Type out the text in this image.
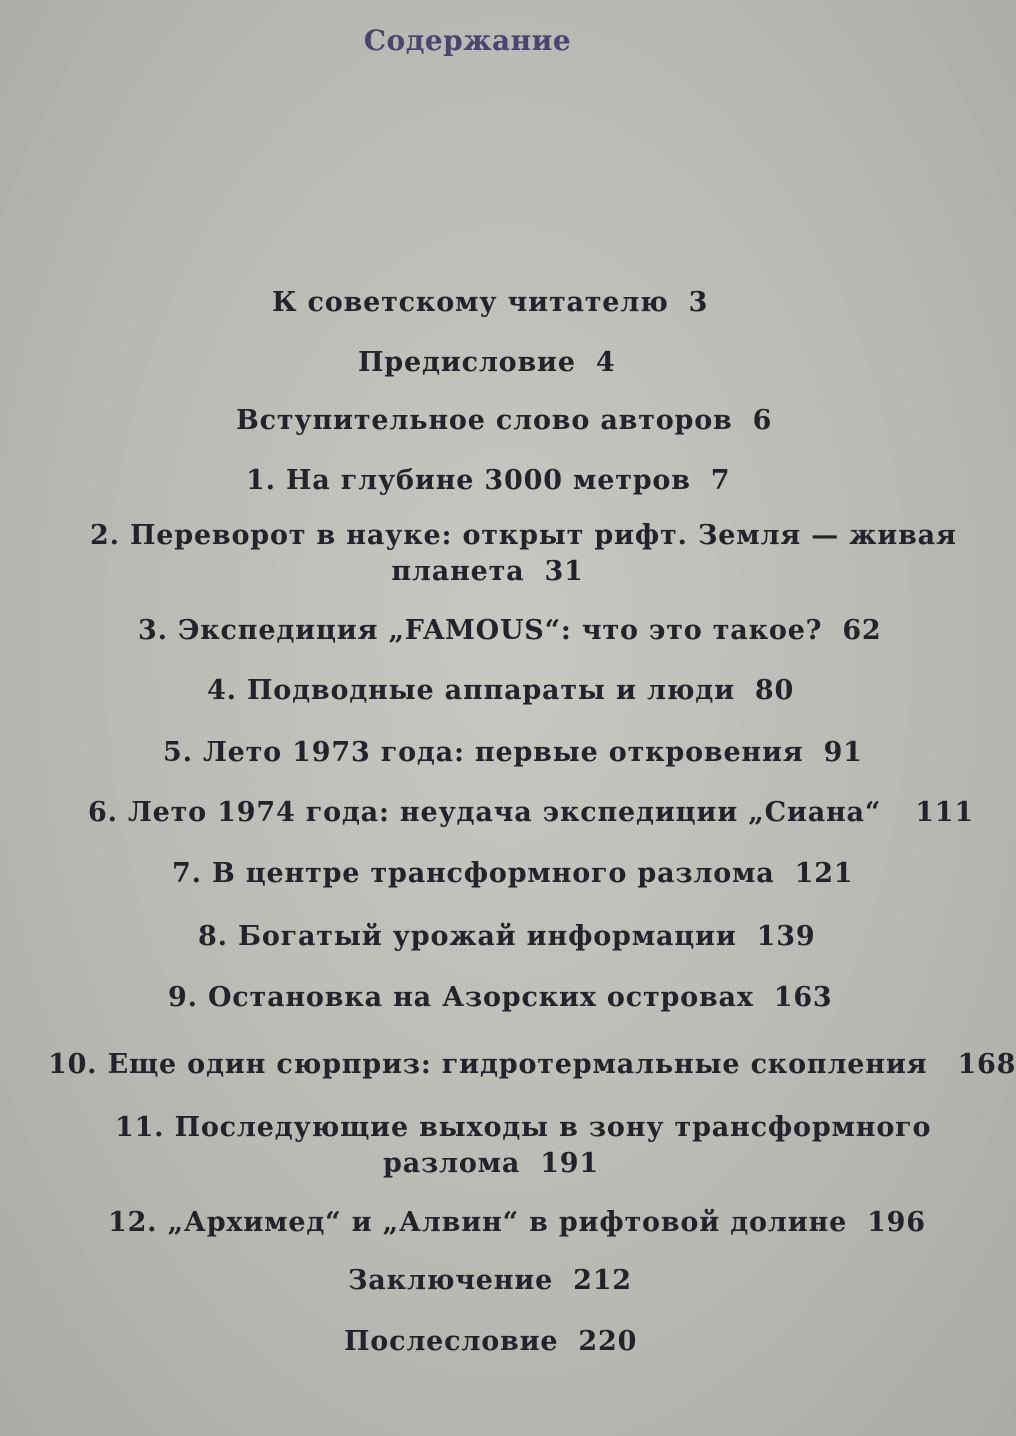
Содержание
К советскому читателю 3
Предисловие 4
Вступительное слово авторов 6
1. На глубине 3000 метров 7
2. Переворот в науке: открыт рифт. Земля — живая
планета 31
3. Экспедиция „FAMOUS“: что это такое? 62
4. Подводные аппараты и люди 80
5. Лето 1973 года: первые откровения 91
6. Лето 1974 года: неудача экспедиции „Сиана“ 111
7. В центре трансформного разлома 121
8. Богатый урожай информации 139
9. Остановка на Азорских островах 163
10. Еще один сюрприз: гидротермальные скопления 168
11. Последующие выходы в зону трансформного
разлома 191
12. „Архимед“ и „Алвин“ в рифтовой долине 196
Заключение 212
Послесловие 220
